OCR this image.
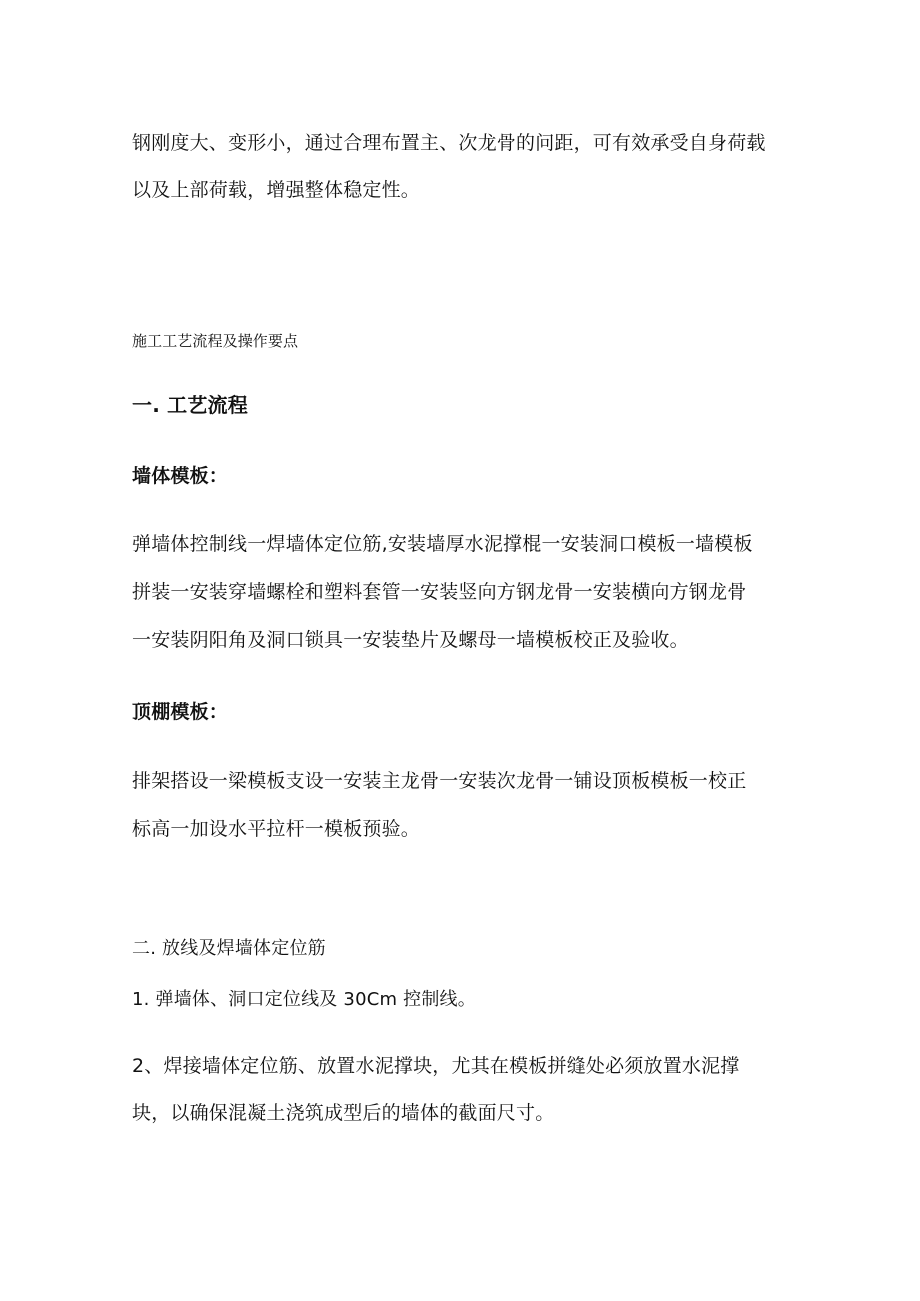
钢刚度大、变形小，通过合理布置主、次龙骨的问距，可有效承受自身荷载
以及上部荷载，增强整体稳定性。
施工工艺流程及操作要点
一. 工艺流程
墙体模板：
弹墙体控制线一焊墙体定位筋,安装墙厚水泥撑棍一安装洞口模板一墙模板
拼装一安装穿墙螺栓和塑料套管一安装竖向方钢龙骨一安装横向方钢龙骨
一安装阴阳角及洞口锁具一安装垫片及螺母一墙模板校正及验收。
顶棚模板：
排架搭设一梁模板支设一安装主龙骨一安装次龙骨一铺设顶板模板一校正
标高一加设水平拉杆一模板预验。
二. 放线及焊墙体定位筋
1. 弹墙体、洞口定位线及 30Cm 控制线。
2、焊接墙体定位筋、放置水泥撑块，尤其在模板拼缝处必须放置水泥撑
块，以确保混凝土浇筑成型后的墙体的截面尺寸。
